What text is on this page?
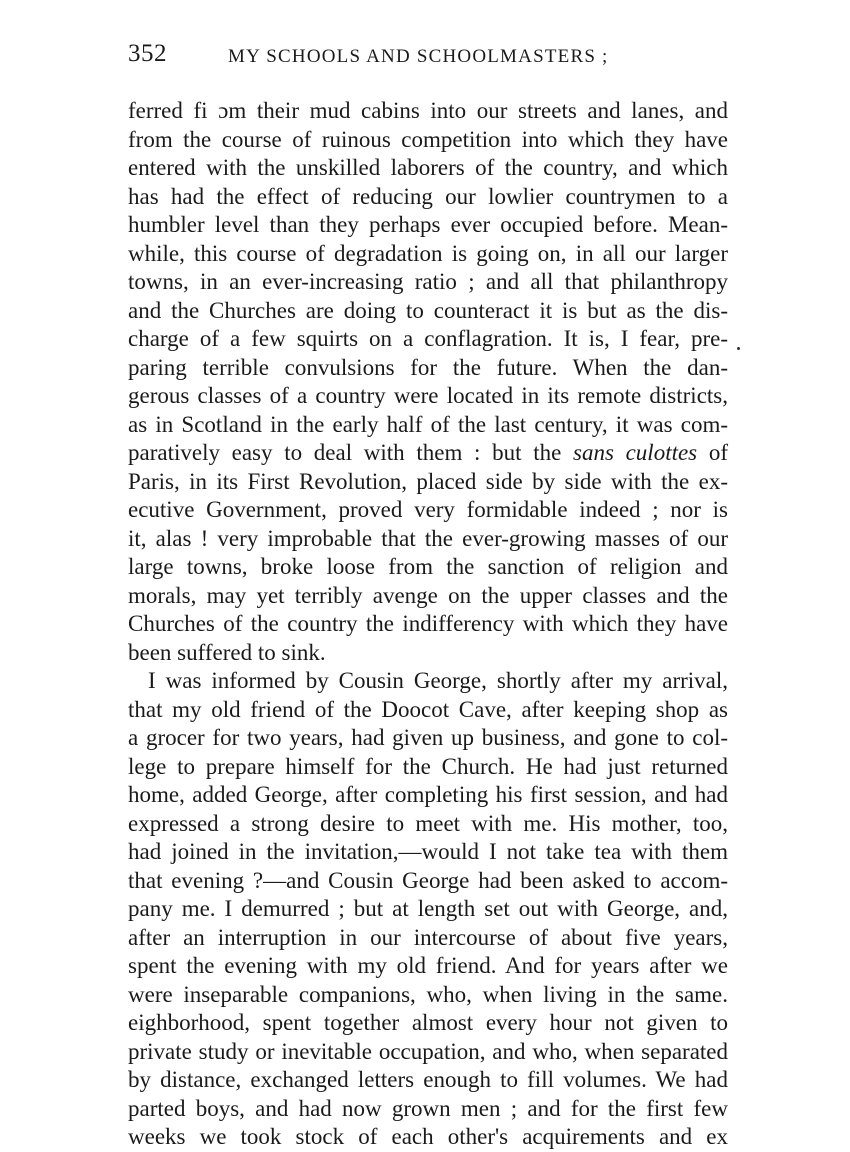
352	MY SCHOOLS AND SCHOOLMASTERS ;
ferred fi ɔm their mud cabins into our streets and lanes, and
from the course of ruinous competition into which they have
entered with the unskilled laborers of the country, and which
has had the effect of reducing our lowlier countrymen to a
humbler level than they perhaps ever occupied before. Mean-
while, this course of degradation is going on, in all our larger
towns, in an ever-increasing ratio ; and all that philanthropy
and the Churches are doing to counteract it is but as the dis-
charge of a few squirts on a conflagration. It is, I fear, pre-
paring terrible convulsions for the future. When the dan-
gerous classes of a country were located in its remote districts,
as in Scotland in the early half of the last century, it was com-
paratively easy to deal with them : but the sans culottes of
Paris, in its First Revolution, placed side by side with the ex-
ecutive Government, proved very formidable indeed ; nor is
it, alas ! very improbable that the ever-growing masses of our
large towns, broke loose from the sanction of religion and
morals, may yet terribly avenge on the upper classes and the
Churches of the country the indifferency with which they have
been suffered to sink.
I was informed by Cousin George, shortly after my arrival,
that my old friend of the Doocot Cave, after keeping shop as
a grocer for two years, had given up business, and gone to col-
lege to prepare himself for the Church. He had just returned
home, added George, after completing his first session, and had
expressed a strong desire to meet with me. His mother, too,
had joined in the invitation,—would I not take tea with them
that evening ?—and Cousin George had been asked to accom-
pany me. I demurred ; but at length set out with George, and,
after an interruption in our intercourse of about five years,
spent the evening with my old friend. And for years after we
were inseparable companions, who, when living in the same.
eighborhood, spent together almost every hour not given to
private study or inevitable occupation, and who, when separated
by distance, exchanged letters enough to fill volumes. We had
parted boys, and had now grown men ; and for the first few
weeks we took stock of each other's acquirements and ex
